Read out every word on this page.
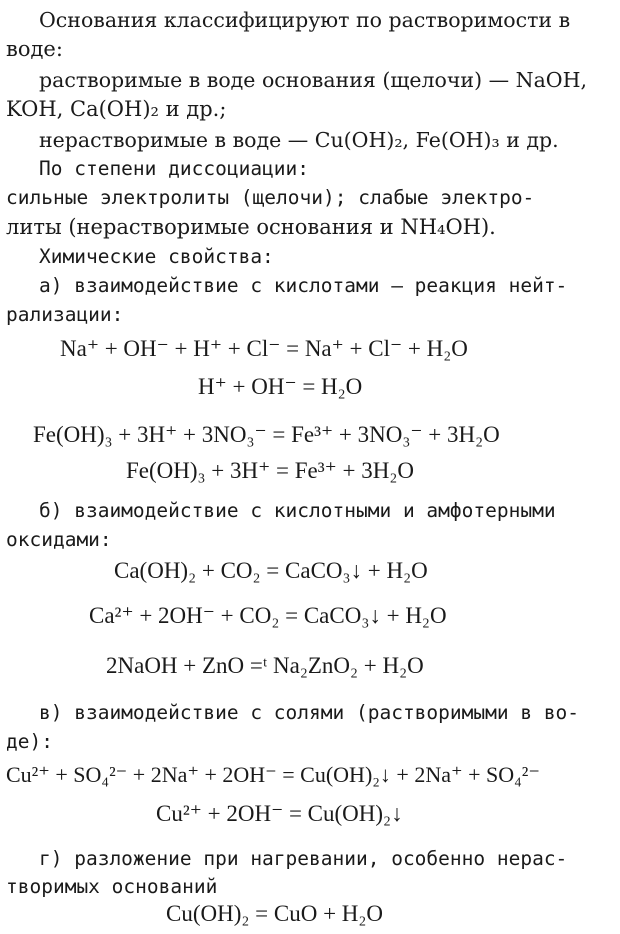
Основания классифицируют по растворимости в
воде:
растворимые в воде основания (щелочи) — NaOH,
KOH, Ca(OH)₂ и др.;
нерастворимые в воде — Cu(OH)₂, Fe(OH)₃ и др.
По степени диссоциации:
сильные электролиты (щелочи); слабые электро-
литы (нерастворимые основания и NH₄OH).
Химические свойства:
а) взаимодействие с кислотами — реакция нейт-
рализации:
Na⁺ + OH⁻ + H⁺ + Cl⁻ = Na⁺ + Cl⁻ + H₂O
H⁺ + OH⁻ = H₂O
Fe(OH)₃ + 3H⁺ + 3NO₃⁻ = Fe³⁺ + 3NO₃⁻ + 3H₂O
Fe(OH)₃ + 3H⁺ = Fe³⁺ + 3H₂O
б) взаимодействие с кислотными и амфотерными
оксидами:
Ca(OH)₂ + CO₂ = CaCO₃↓ + H₂O
Ca²⁺ + 2OH⁻ + CO₂ = CaCO₃↓ + H₂O
2NaOH + ZnO =ᵗ Na₂ZnO₂ + H₂O
в) взаимодействие с солями (растворимыми в во-
де):
Cu²⁺ + SO₄²⁻ + 2Na⁺ + 2OH⁻ = Cu(OH)₂↓ + 2Na⁺ + SO₄²⁻
Cu²⁺ + 2OH⁻ = Cu(OH)₂↓
г) разложение при нагревании, особенно нерас-
творимых оснований
Cu(OH)₂ = CuO + H₂O
